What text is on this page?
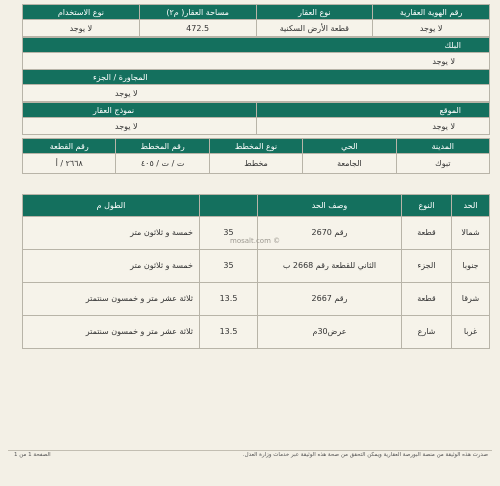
رقم الهوية العقارية	نوع العقار	مساحة العقار( م٢)	نوع الاستخدام
لا يوجد	قطعة الأرض السكنية	472.5	لا يوجد
البلك
لا يوجد
المجاورة / الجزء
لا يوجد
الموقع	نموذج العقار
لا يوجد	لا يوجد
المدينة	الحي	نوع المخطط	رقم المخطط	رقم القطعة
تبوك	الجامعة	مخطط	ت / ت / ٤٠٥	٢٦٦٨ / أ
الحد	النوع	وصف الحد		الطول م
شمالا	قطعة	رقم 2670	35	خمسة و ثلاثون متر
جنوبا	الجزء	الثاني للقطعة رقم 2668 ب	35	خمسة و ثلاثون متر
شرقا	قطعة	رقم 2667	13.5	ثلاثة عشر متر و خمسون سنتمتر
غربا	شارع	عرض30م	13.5	ثلاثة عشر متر و خمسون سنتمتر
mosalt.com ©
صدرت هذه الوثيقة من منصة البورصة العقارية ويمكن التحقق من صحة هذه الوثيقة عبر خدمات وزارة العدل.
الصفحة 1 من 1
